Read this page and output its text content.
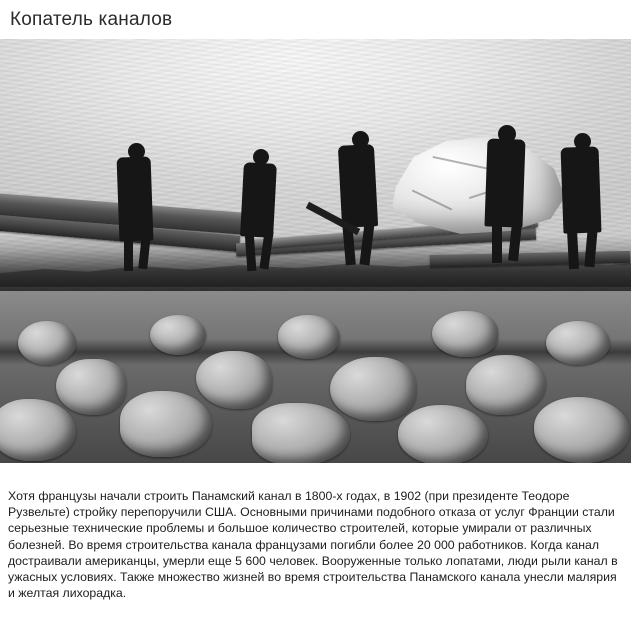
Копатель каналов

Хотя французы начали строить Панамский канал в 1800-х годах, в 1902 (при президенте Теодоре Рузвельте) стройку перепоручили США. Основными причинами подобного отказа от услуг Франции стали серьезные технические проблемы и большое количество строителей, которые умирали от различных болезней. Во время строительства канала французами погибли более 20 000 работников. Когда канал достраивали американцы, умерли еще 5 600 человек. Вооруженные только лопатами, люди рыли канал в ужасных условиях. Также множество жизней во время строительства Панамского канала унесли малярия и желтая лихорадка.
